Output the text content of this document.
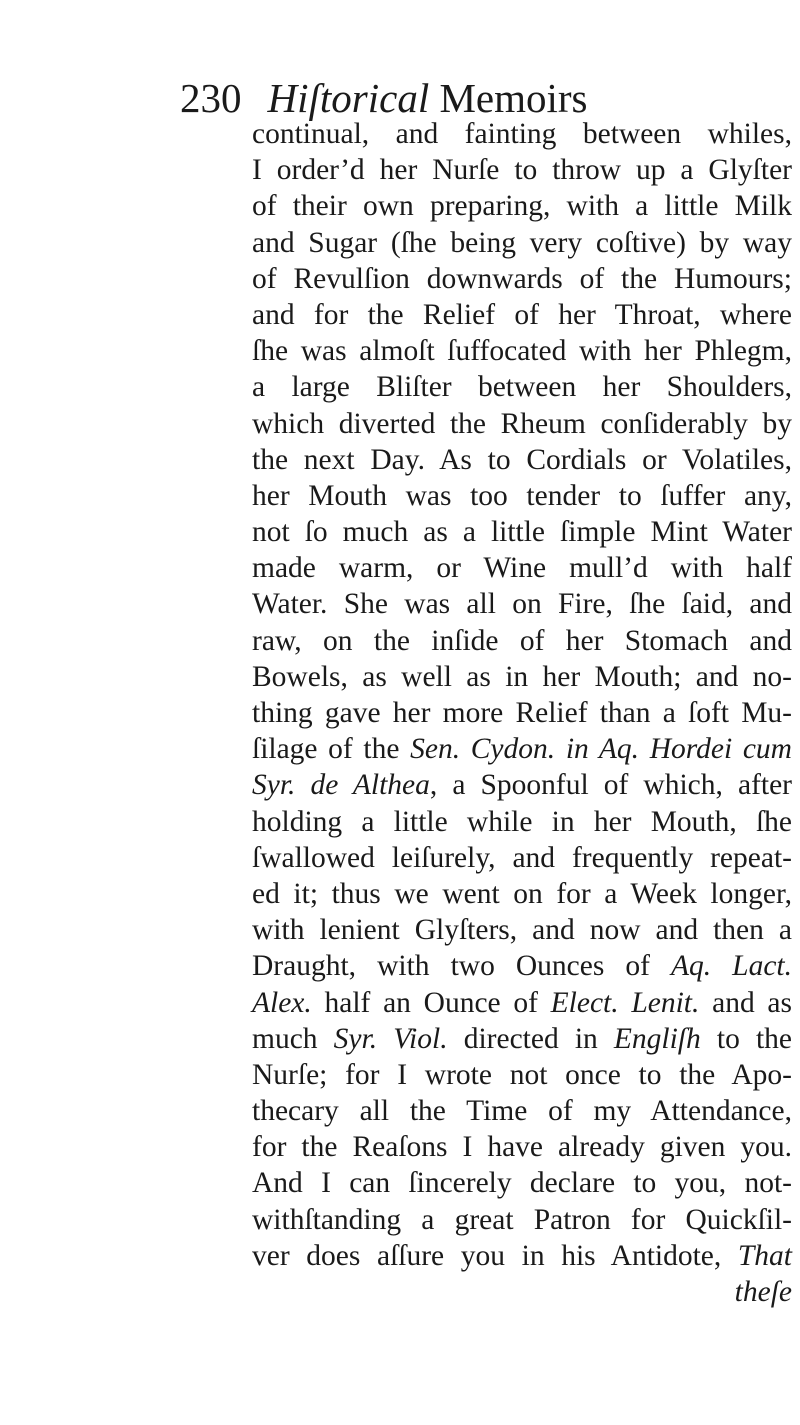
230 Hiſtorical Memoirs
continual, and fainting between whiles,
I order’d her Nurſe to throw up a Glyſter
of their own preparing, with a little Milk
and Sugar (ſhe being very coſtive) by way
of Revulſion downwards of the Humours;
and for the Relief of her Throat, where
ſhe was almoſt ſuffocated with her Phlegm,
a large Bliſter between her Shoulders,
which diverted the Rheum conſiderably by
the next Day. As to Cordials or Volatiles,
her Mouth was too tender to ſuffer any,
not ſo much as a little ſimple Mint Water
made warm, or Wine mull’d with half
Water. She was all on Fire, ſhe ſaid, and
raw, on the inſide of her Stomach and
Bowels, as well as in her Mouth; and no-
thing gave her more Relief than a ſoft Mu-
ſilage of the Sen. Cydon. in Aq. Hordei cum
Syr. de Althea, a Spoonful of which, after
holding a little while in her Mouth, ſhe
ſwallowed leiſurely, and frequently repeat-
ed it; thus we went on for a Week longer,
with lenient Glyſters, and now and then a
Draught, with two Ounces of Aq. Lact.
Alex. half an Ounce of Elect. Lenit. and as
much Syr. Viol. directed in Engliſh to the
Nurſe; for I wrote not once to the Apo-
thecary all the Time of my Attendance,
for the Reaſons I have already given you.
And I can ſincerely declare to you, not-
withſtanding a great Patron for Quickſil-
ver does aſſure you in his Antidote, That
theſe
